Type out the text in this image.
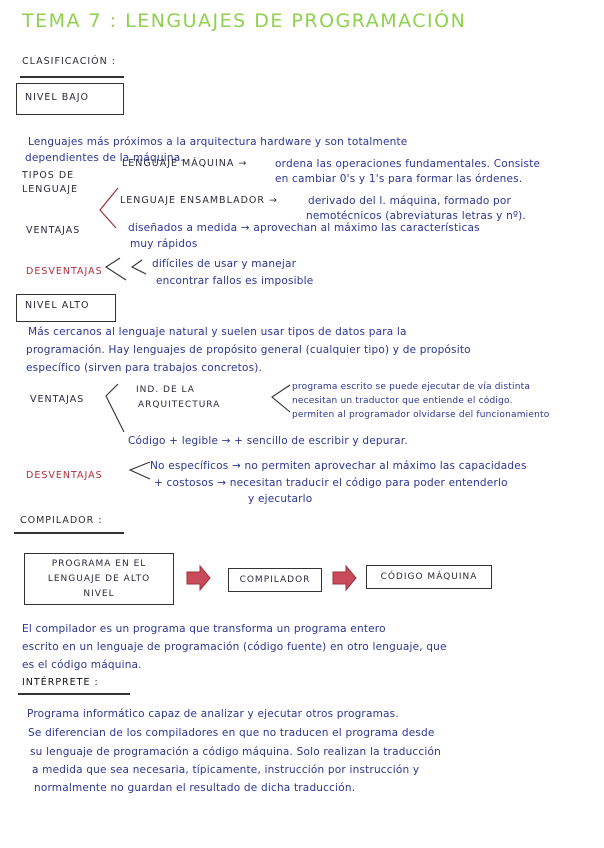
TEMA 7 : LENGUAJES DE PROGRAMACIÓN
CLASIFICACIÓN :
NIVEL BAJO
Lenguajes más próximos a la arquitectura hardware y son totalmente
dependientes de la máquina.
TIPOS DE
LENGUAJE
LENGUAJE MÁQUINA →	ordena las operaciones fundamentales. Consiste
en cambiar 0's y 1's para formar las órdenes.
LENGUAJE ENSAMBLADOR →	derivado del l. máquina, formado por
nemotécnicos (abreviaturas letras y nº).
VENTAJAS	diseñados a medida → aprovechan al máximo las características
muy rápidos
DESVENTAJAS
difíciles de usar y manejar
encontrar fallos es imposible
NIVEL ALTO
Más cercanos al lenguaje natural y suelen usar tipos de datos para la
programación. Hay lenguajes de propósito general (cualquier tipo) y de propósito
específico (sirven para trabajos concretos).
VENTAJAS
IND. DE LA
ARQUITECTURA
programa escrito se puede ejecutar de vía distinta
necesitan un traductor que entiende el código.
permiten al programador olvidarse del funcionamiento
Código + legible → + sencillo de escribir y depurar.
DESVENTAJAS
No específicos → no permiten aprovechar al máximo las capacidades
+ costosos → necesitan traducir el código para poder entenderlo
y ejecutarlo
COMPILADOR :
PROGRAMA EN EL LENGUAJE DE ALTO NIVEL
COMPILADOR	CÓDIGO MÁQUINA
El compilador es un programa que transforma un programa entero
escrito en un lenguaje de programación (código fuente) en otro lenguaje, que
es el código máquina.
INTÉRPRETE :
Programa informático capaz de analizar y ejecutar otros programas.
Se diferencian de los compiladores en que no traducen el programa desde
su lenguaje de programación a código máquina. Solo realizan la traducción
a medida que sea necesaria, típicamente, instrucción por instrucción y
normalmente no guardan el resultado de dicha traducción.
